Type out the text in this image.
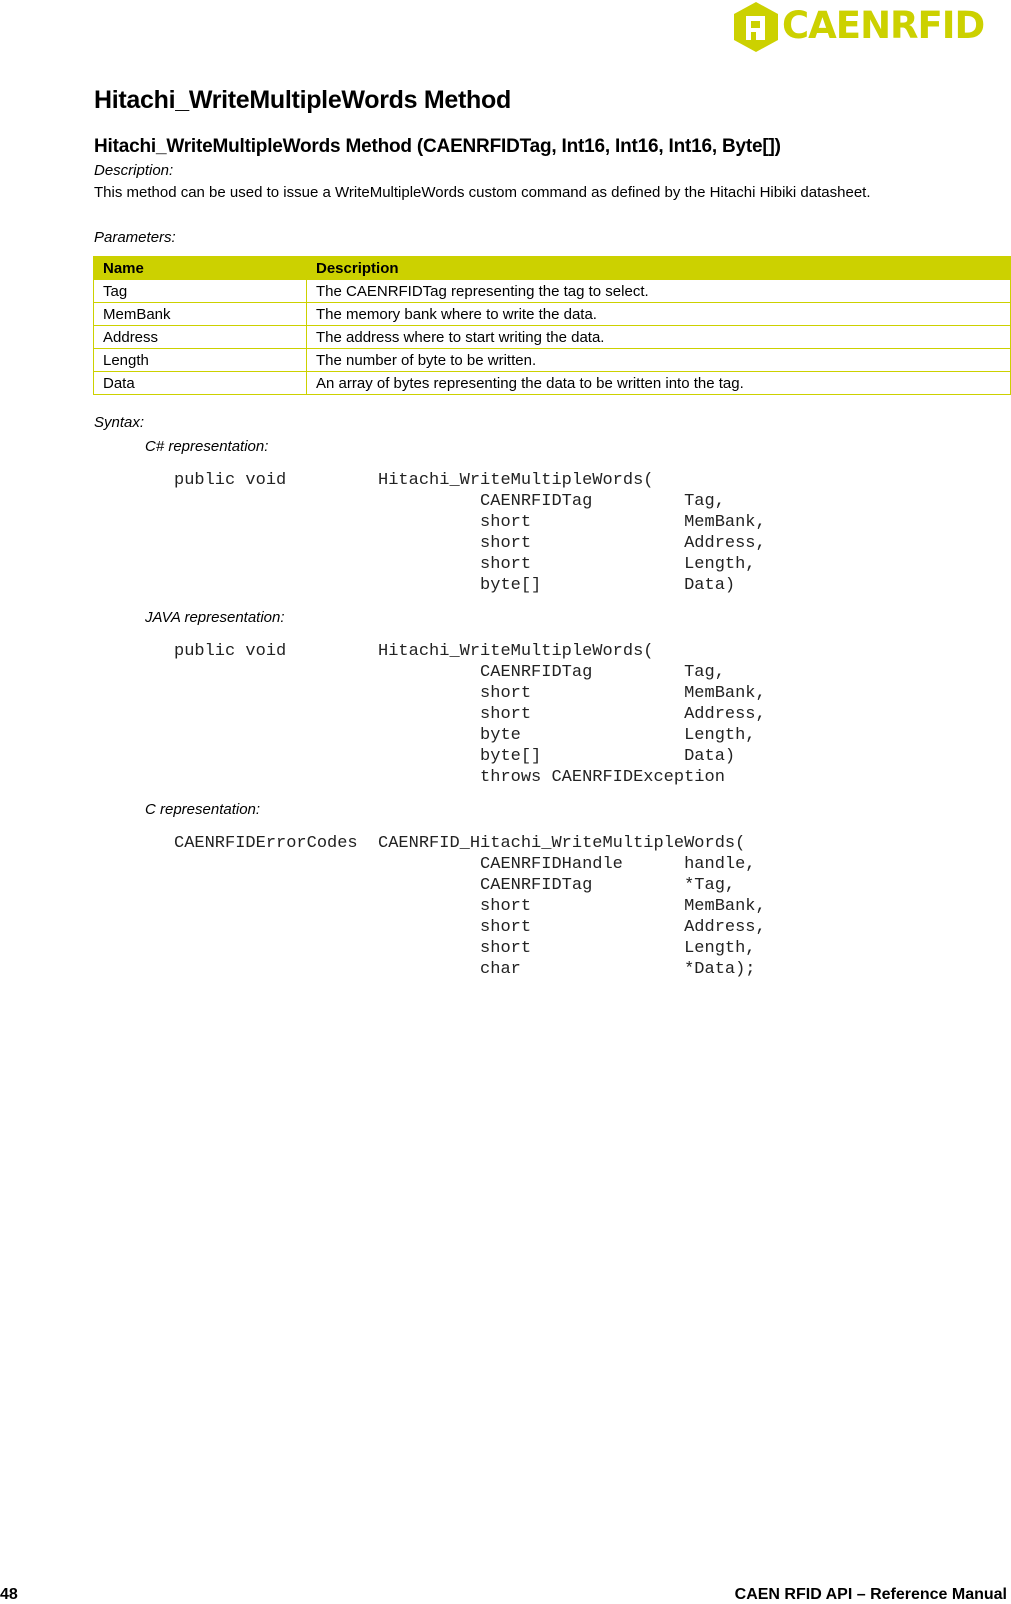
CAENRFID
Hitachi_WriteMultipleWords Method
Hitachi_WriteMultipleWords Method (CAENRFIDTag, Int16, Int16, Int16, Byte[])
Description:
This method can be used to issue a WriteMultipleWords custom command as defined by the Hitachi Hibiki datasheet.
Parameters:
Name	Description
Tag	The CAENRFIDTag representing the tag to select.
MemBank	The memory bank where to write the data.
Address	The address where to start writing the data.
Length	The number of byte to be written.
Data	An array of bytes representing the data to be written into the tag.
Syntax:
C# representation:
public void         Hitachi_WriteMultipleWords(
CAENRFIDTag         Tag,
short               MemBank,
short               Address,
short               Length,
byte[]              Data)
JAVA representation:
public void         Hitachi_WriteMultipleWords(
CAENRFIDTag         Tag,
short               MemBank,
short               Address,
byte                Length,
byte[]              Data)
throws CAENRFIDException
C representation:
CAENRFIDErrorCodes  CAENRFID_Hitachi_WriteMultipleWords(
CAENRFIDHandle      handle,
CAENRFIDTag         *Tag,
short               MemBank,
short               Address,
short               Length,
char                *Data);
48	CAEN RFID API – Reference Manual
